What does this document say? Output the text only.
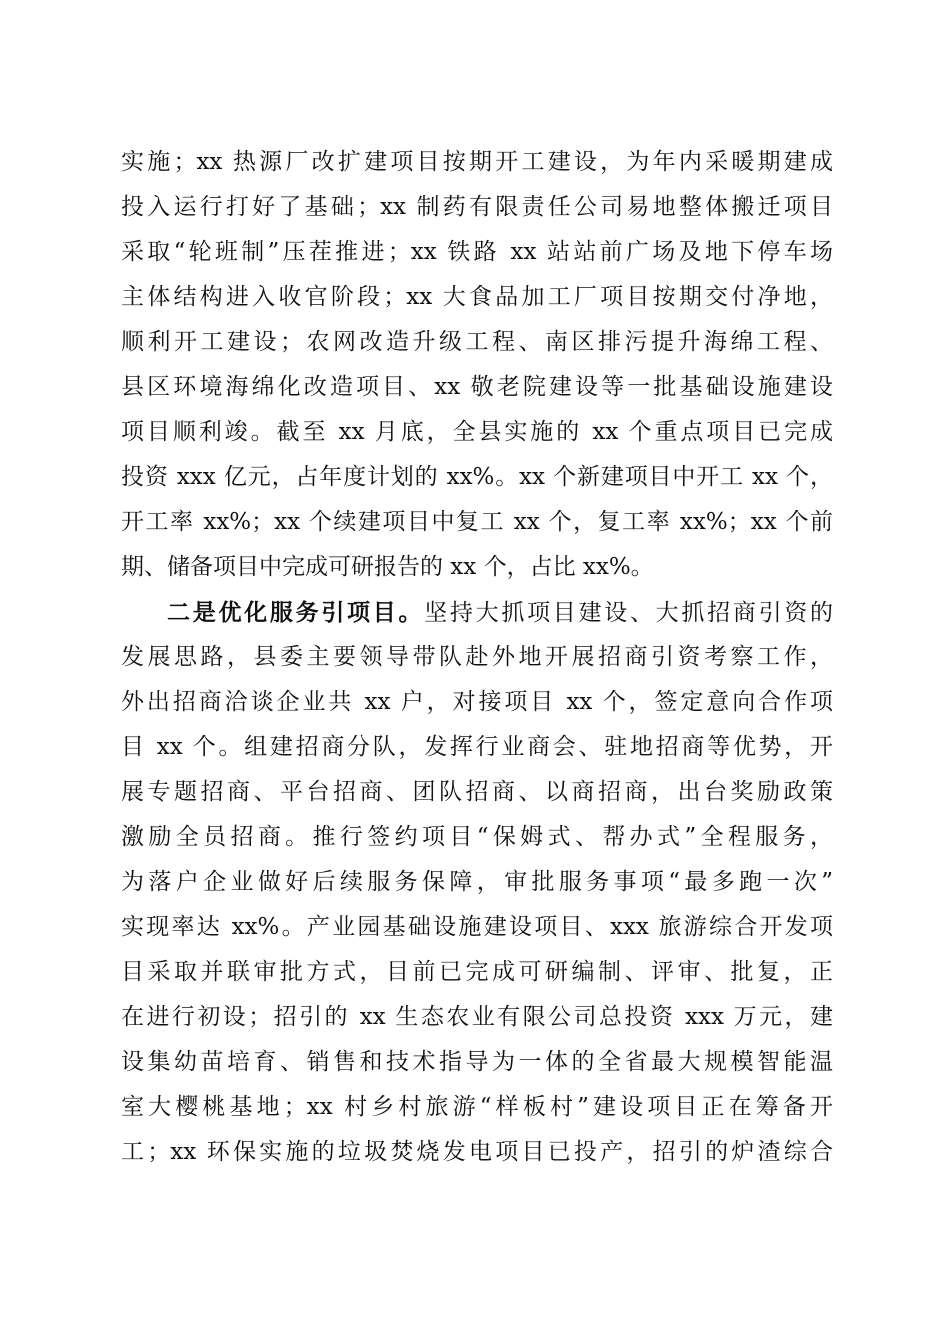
实施；xx 热源厂改扩建项目按期开工建设，为年内采暖期建成
投入运行打好了基础；xx 制药有限责任公司易地整体搬迁项目
采取“轮班制”压茬推进；xx 铁路 xx 站站前广场及地下停车场
主体结构进入收官阶段；xx 大食品加工厂项目按期交付净地，
顺利开工建设；农网改造升级工程、南区排污提升海绵工程、
县区环境海绵化改造项目、xx 敬老院建设等一批基础设施建设
项目顺利竣。截至 xx 月底，全县实施的 xx 个重点项目已完成
投资 xxx 亿元，占年度计划的 xx%。xx 个新建项目中开工 xx 个，
开工率 xx%；xx 个续建项目中复工 xx 个，复工率 xx%；xx 个前
期、储备项目中完成可研报告的 xx 个，占比 xx%。
二是优化服务引项目。坚持大抓项目建设、大抓招商引资的
发展思路，县委主要领导带队赴外地开展招商引资考察工作，
外出招商洽谈企业共 xx 户，对接项目 xx 个，签定意向合作项
目 xx 个。组建招商分队，发挥行业商会、驻地招商等优势，开
展专题招商、平台招商、团队招商、以商招商，出台奖励政策
激励全员招商。推行签约项目“保姆式、帮办式”全程服务，
为落户企业做好后续服务保障，审批服务事项“最多跑一次”
实现率达 xx%。产业园基础设施建设项目、xxx 旅游综合开发项
目采取并联审批方式，目前已完成可研编制、评审、批复，正
在进行初设；招引的 xx 生态农业有限公司总投资 xxx 万元，建
设集幼苗培育、销售和技术指导为一体的全省最大规模智能温
室大樱桃基地；xx 村乡村旅游“样板村”建设项目正在筹备开
工；xx 环保实施的垃圾焚烧发电项目已投产，招引的炉渣综合
